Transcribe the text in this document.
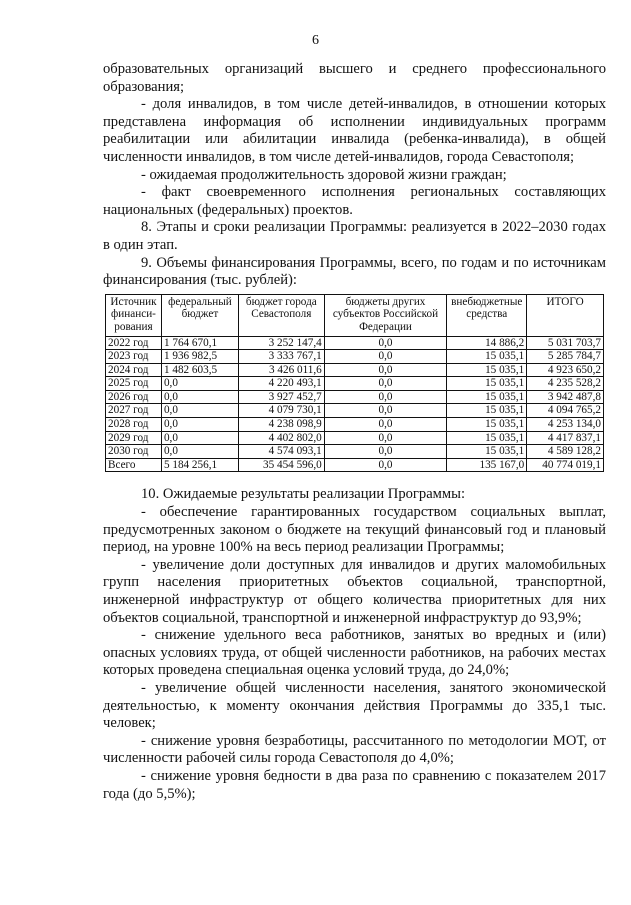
6

образовательных организаций высшего и среднего профессионального образования;

- доля инвалидов, в том числе детей-инвалидов, в отношении которых представлена информация об исполнении индивидуальных программ реабилитации или абилитации инвалида (ребенка-инвалида), в общей численности инвалидов, в том числе детей-инвалидов, города Севастополя;

- ожидаемая продолжительность здоровой жизни граждан;

- факт своевременного исполнения региональных составляющих национальных (федеральных) проектов.

8. Этапы и сроки реализации Программы: реализуется в 2022–2030 годах в один этап.

9. Объемы финансирования Программы, всего, по годам и по источникам финансирования (тыс. рублей):

Источник финанси-рования	федеральный бюджет	бюджет города Севастополя	бюджеты других субъектов Российской Федерации	внебюджетные средства	ИТОГО
2022 год	1 764 670,1	3 252 147,4	0,0	14 886,2	5 031 703,7
2023 год	1 936 982,5	3 333 767,1	0,0	15 035,1	5 285 784,7
2024 год	1 482 603,5	3 426 011,6	0,0	15 035,1	4 923 650,2
2025 год	0,0	4 220 493,1	0,0	15 035,1	4 235 528,2
2026 год	0,0	3 927 452,7	0,0	15 035,1	3 942 487,8
2027 год	0,0	4 079 730,1	0,0	15 035,1	4 094 765,2
2028 год	0,0	4 238 098,9	0,0	15 035,1	4 253 134,0
2029 год	0,0	4 402 802,0	0,0	15 035,1	4 417 837,1
2030 год	0,0	4 574 093,1	0,0	15 035,1	4 589 128,2
Всего	5 184 256,1	35 454 596,0	0,0	135 167,0	40 774 019,1

10. Ожидаемые результаты реализации Программы:

- обеспечение гарантированных государством социальных выплат, предусмотренных законом о бюджете на текущий финансовый год и плановый период, на уровне 100% на весь период реализации Программы;

- увеличение доли доступных для инвалидов и других маломобильных групп населения приоритетных объектов социальной, транспортной, инженерной инфраструктур от общего количества приоритетных для них объектов социальной, транспортной и инженерной инфраструктур до 93,9%;

- снижение удельного веса работников, занятых во вредных и (или) опасных условиях труда, от общей численности работников, на рабочих местах которых проведена специальная оценка условий труда, до 24,0%;

- увеличение общей численности населения, занятого экономической деятельностью, к моменту окончания действия Программы до 335,1 тыс. человек;

- снижение уровня безработицы, рассчитанного по методологии МОТ, от численности рабочей силы города Севастополя до 4,0%;

- снижение уровня бедности в два раза по сравнению с показателем 2017 года (до 5,5%);
